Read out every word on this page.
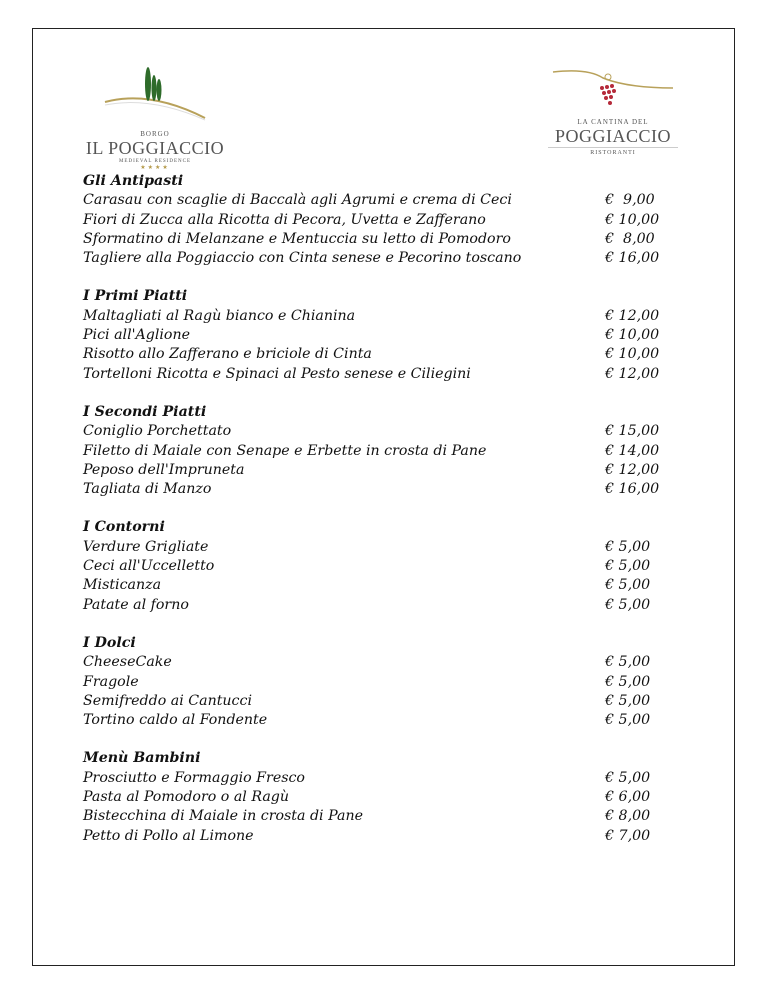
BORGO
IL POGGIACCIO
MEDIEVAL RESIDENCE
★★★★
LA CANTINA DEL
POGGIACCIO
RISTORANTI
Gli Antipasti
Carasau con scaglie di Baccalà agli Agrumi e crema di Ceci	€  9,00
Fiori di Zucca alla Ricotta di Pecora, Uvetta e Zafferano	€ 10,00
Sformatino di Melanzane e Mentuccia su letto di Pomodoro	€  8,00
Tagliere alla Poggiaccio con Cinta senese e Pecorino toscano	€ 16,00
I Primi Piatti
Maltagliati al Ragù bianco e Chianina	€ 12,00
Pici all'Aglione	€ 10,00
Risotto allo Zafferano e briciole di Cinta	€ 10,00
Tortelloni Ricotta e Spinaci al Pesto senese e Ciliegini	€ 12,00
I Secondi Piatti
Coniglio Porchettato	€ 15,00
Filetto di Maiale con Senape e Erbette in crosta di Pane	€ 14,00
Peposo dell'Impruneta	€ 12,00
Tagliata di Manzo	€ 16,00
I Contorni
Verdure Grigliate	€ 5,00
Ceci all'Uccelletto	€ 5,00
Misticanza	€ 5,00
Patate al forno	€ 5,00
I Dolci
CheeseCake	€ 5,00
Fragole	€ 5,00
Semifreddo ai Cantucci	€ 5,00
Tortino caldo al Fondente	€ 5,00
Menù Bambini
Prosciutto e Formaggio Fresco	€ 5,00
Pasta al Pomodoro o al Ragù	€ 6,00
Bistecchina di Maiale in crosta di Pane	€ 8,00
Petto di Pollo al Limone	€ 7,00
